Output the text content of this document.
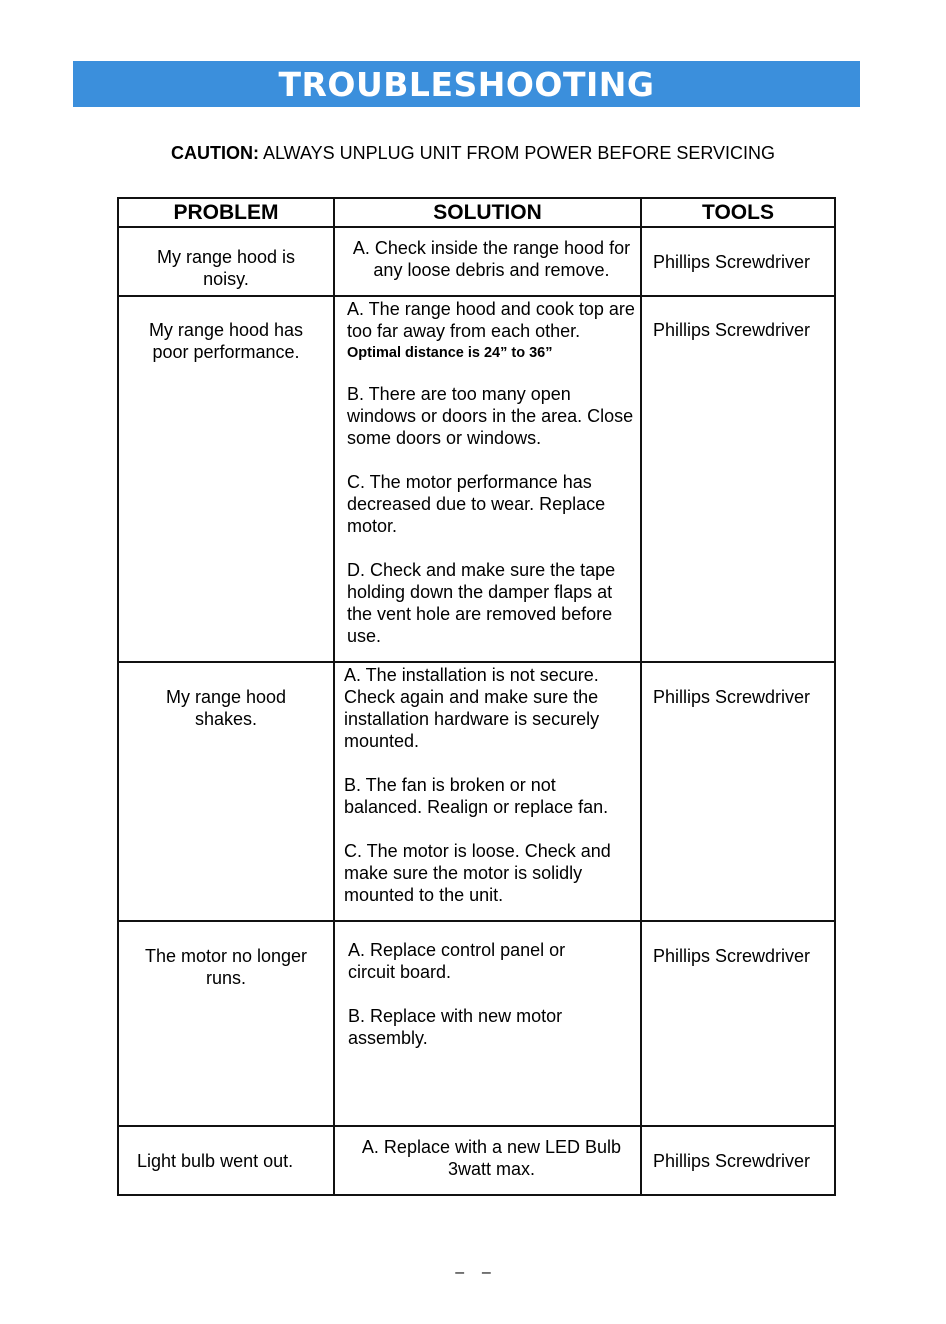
TROUBLESHOOTING
CAUTION: ALWAYS UNPLUG UNIT FROM POWER BEFORE SERVICING
PROBLEM	SOLUTION	TOOLS

My range hood is noisy.	A. Check inside the range hood for any loose debris and remove.	Phillips Screwdriver

My range hood has poor performance.	A. The range hood and cook top are too far away from each other.
Optimal distance is 24” to 36”
B. There are too many open windows or doors in the area. Close some doors or windows.
C. The motor performance has decreased due to wear. Replace motor.
D. Check and make sure the tape holding down the damper flaps at the vent hole are removed before use.	Phillips Screwdriver

My range hood shakes.	A. The installation is not secure. Check again and make sure the installation hardware is securely mounted.
B. The fan is broken or not balanced. Realign or replace fan.
C. The motor is loose. Check and make sure the motor is solidly mounted to the unit.	Phillips Screwdriver

The motor no longer runs.	A. Replace control panel or circuit board.
B. Replace with new motor assembly.	Phillips Screwdriver

Light bulb went out.	A. Replace with a new LED Bulb 3watt max.	Phillips Screwdriver
–    –
